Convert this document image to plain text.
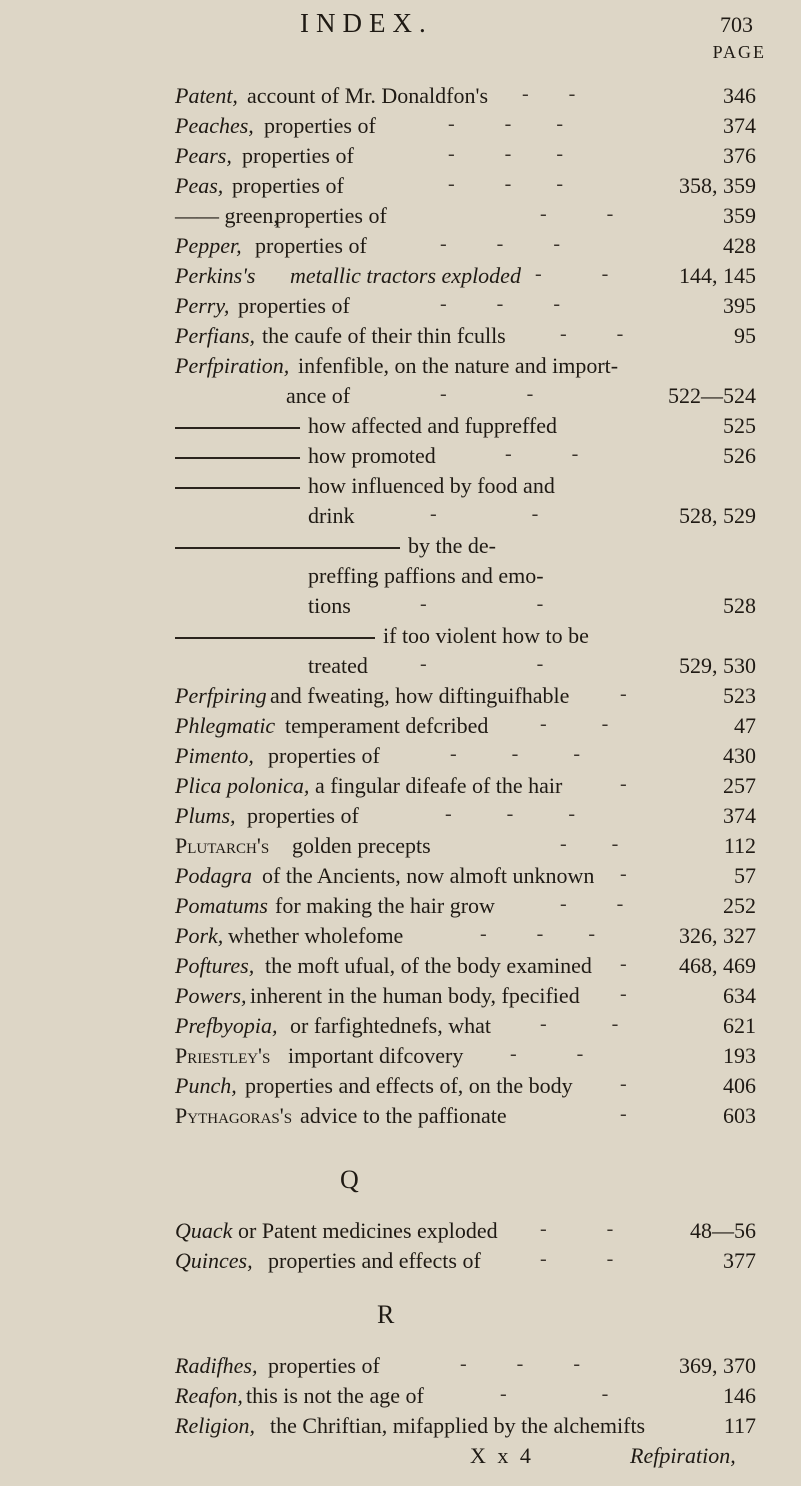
INDEX.	703
PAGE
Patent, account of Mr. Donaldfon's -        -	346
Peaches, properties of	-          -         -	374
Pears, properties of	-          -         -	376
Peas, properties of	-          -         -	358, 359
—— green,
properties of	-            -	359
Pepper, properties of	-          -          -	428
Perkins's metallic tractors exploded -            -	144, 145
Perry, properties of	-          -          -	395
Perfians, the caufe of their thin fculls	-          -	95
Perfpiration, infenfible, on the nature and import-
ance of	-                -	522—524
how affected and fuppreffed	525
how promoted	-            -	526
how influenced by food and
drink	-                   -	528, 529
by the de-
preffing paffions and emo-
tions	-                      -	528
if too violent how to be
treated	-                      -	529, 530
Perfpiring and fweating, how diftinguifhable	-	523
Phlegmatic temperament defcribed	-           -	47
Pimento, properties of	-           -           -	430
Plica polonica, a fingular difeafe of the hair	-	257
Plums, properties of	-           -           -	374
Plutarch's golden precepts	-         -	112
Podagra of the Ancients, now almoft unknown -	57
Pomatums for making the hair grow	-          -	252
Pork, whether wholefome	-          -         -	326, 327
Poftures, the moft ufual, of the body examined - 468, 469
Powers, inherent in the human body, fpecified -	634
Prefbyopia, or farfightednefs, what -             -	621
Priestley's important difcovery -            -	193
Punch, properties and effects of, on the body -	406
Pythagoras's advice to the paffionate	-	603
Q
Quack or Patent medicines exploded -            -	48—56
Quinces, properties and effects of	-            -	377
R
Radifhes, properties of	-          -          -	369, 370
Reafon, this is not the age of	-                   -	146
Religion, the Chriftian, mifapplied by the alchemifts	117
X x 4	Refpiration,
